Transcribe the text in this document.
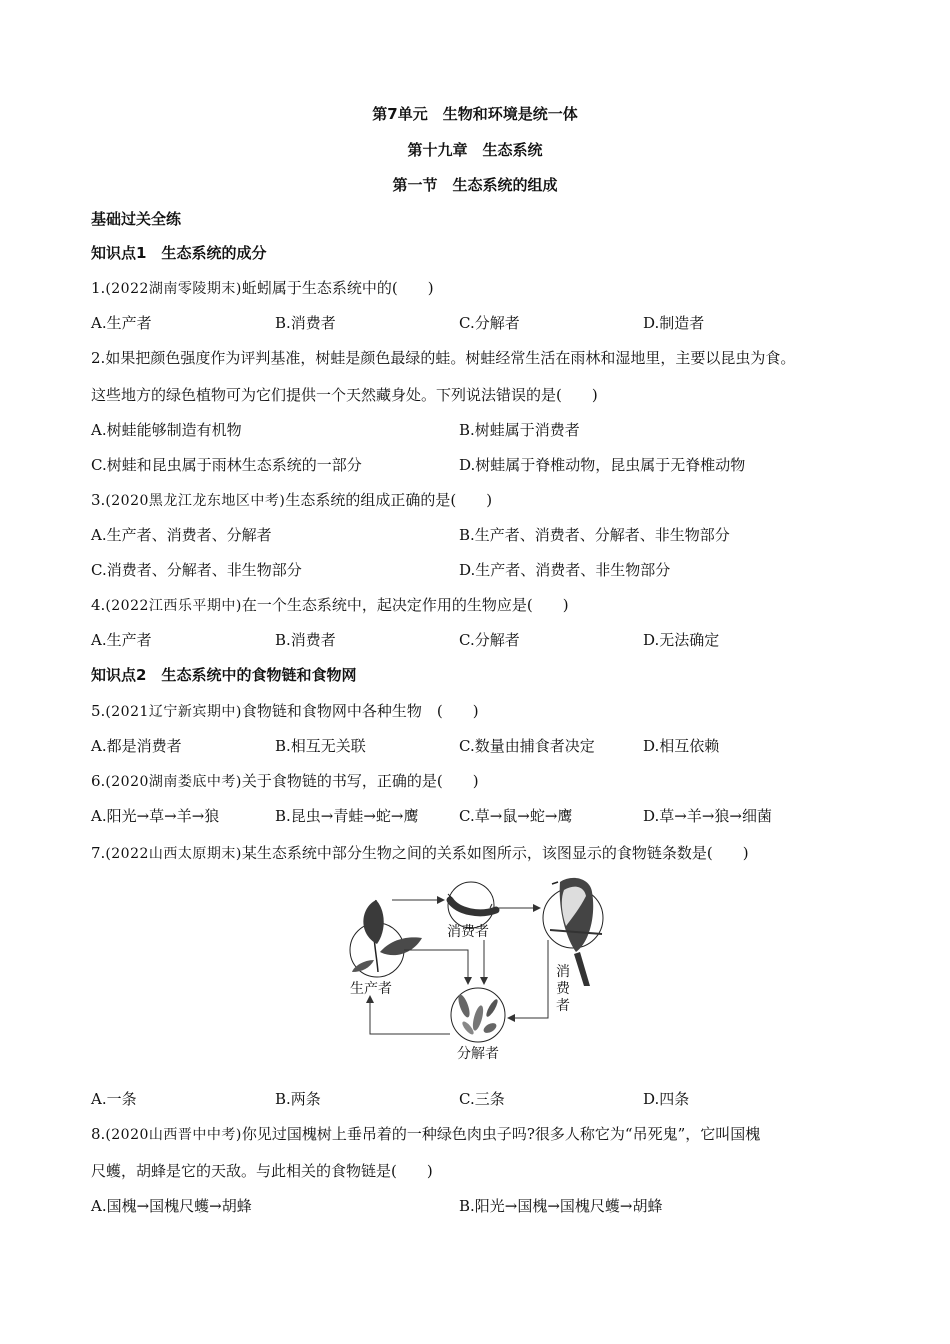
第7单元　生物和环境是统一体
第十九章　生态系统
第一节　生态系统的组成
基础过关全练
知识点1　生态系统的成分
1.(2022湖南零陵期末)蚯蚓属于生态系统中的(　　)
A.生产者	B.消费者	C.分解者	D.制造者
2.如果把颜色强度作为评判基准，树蛙是颜色最绿的蛙。树蛙经常生活在雨林和湿地里，主要以昆虫为食。
这些地方的绿色植物可为它们提供一个天然藏身处。下列说法错误的是(　　)
A.树蛙能够制造有机物	B.树蛙属于消费者
C.树蛙和昆虫属于雨林生态系统的一部分	D.树蛙属于脊椎动物，昆虫属于无脊椎动物
3.(2020黑龙江龙东地区中考)生态系统的组成正确的是(　　)
A.生产者、消费者、分解者	B.生产者、消费者、分解者、非生物部分
C.消费者、分解者、非生物部分	D.生产者、消费者、非生物部分
4.(2022江西乐平期中)在一个生态系统中，起决定作用的生物应是(　　)
A.生产者	B.消费者	C.分解者	D.无法确定
知识点2　生态系统中的食物链和食物网
5.(2021辽宁新宾期中)食物链和食物网中各种生物　(　　)
A.都是消费者	B.相互无关联	C.数量由捕食者决定	D.相互依赖
6.(2020湖南娄底中考)关于食物链的书写，正确的是(　　)
A.阳光→草→羊→狼	B.昆虫→青蛙→蛇→鹰	C.草→鼠→蛇→鹰	D.草→羊→狼→细菌
7.(2022山西太原期末)某生态系统中部分生物之间的关系如图所示，该图显示的食物链条数是(　　)
生产者
消费者
消
费
者
分解者
A.一条	B.两条	C.三条	D.四条
8.(2020山西晋中中考)你见过国槐树上垂吊着的一种绿色肉虫子吗?很多人称它为“吊死鬼”，它叫国槐
尺蠖，胡蜂是它的天敌。与此相关的食物链是(　　)
A.国槐→国槐尺蠖→胡蜂	B.阳光→国槐→国槐尺蠖→胡蜂
